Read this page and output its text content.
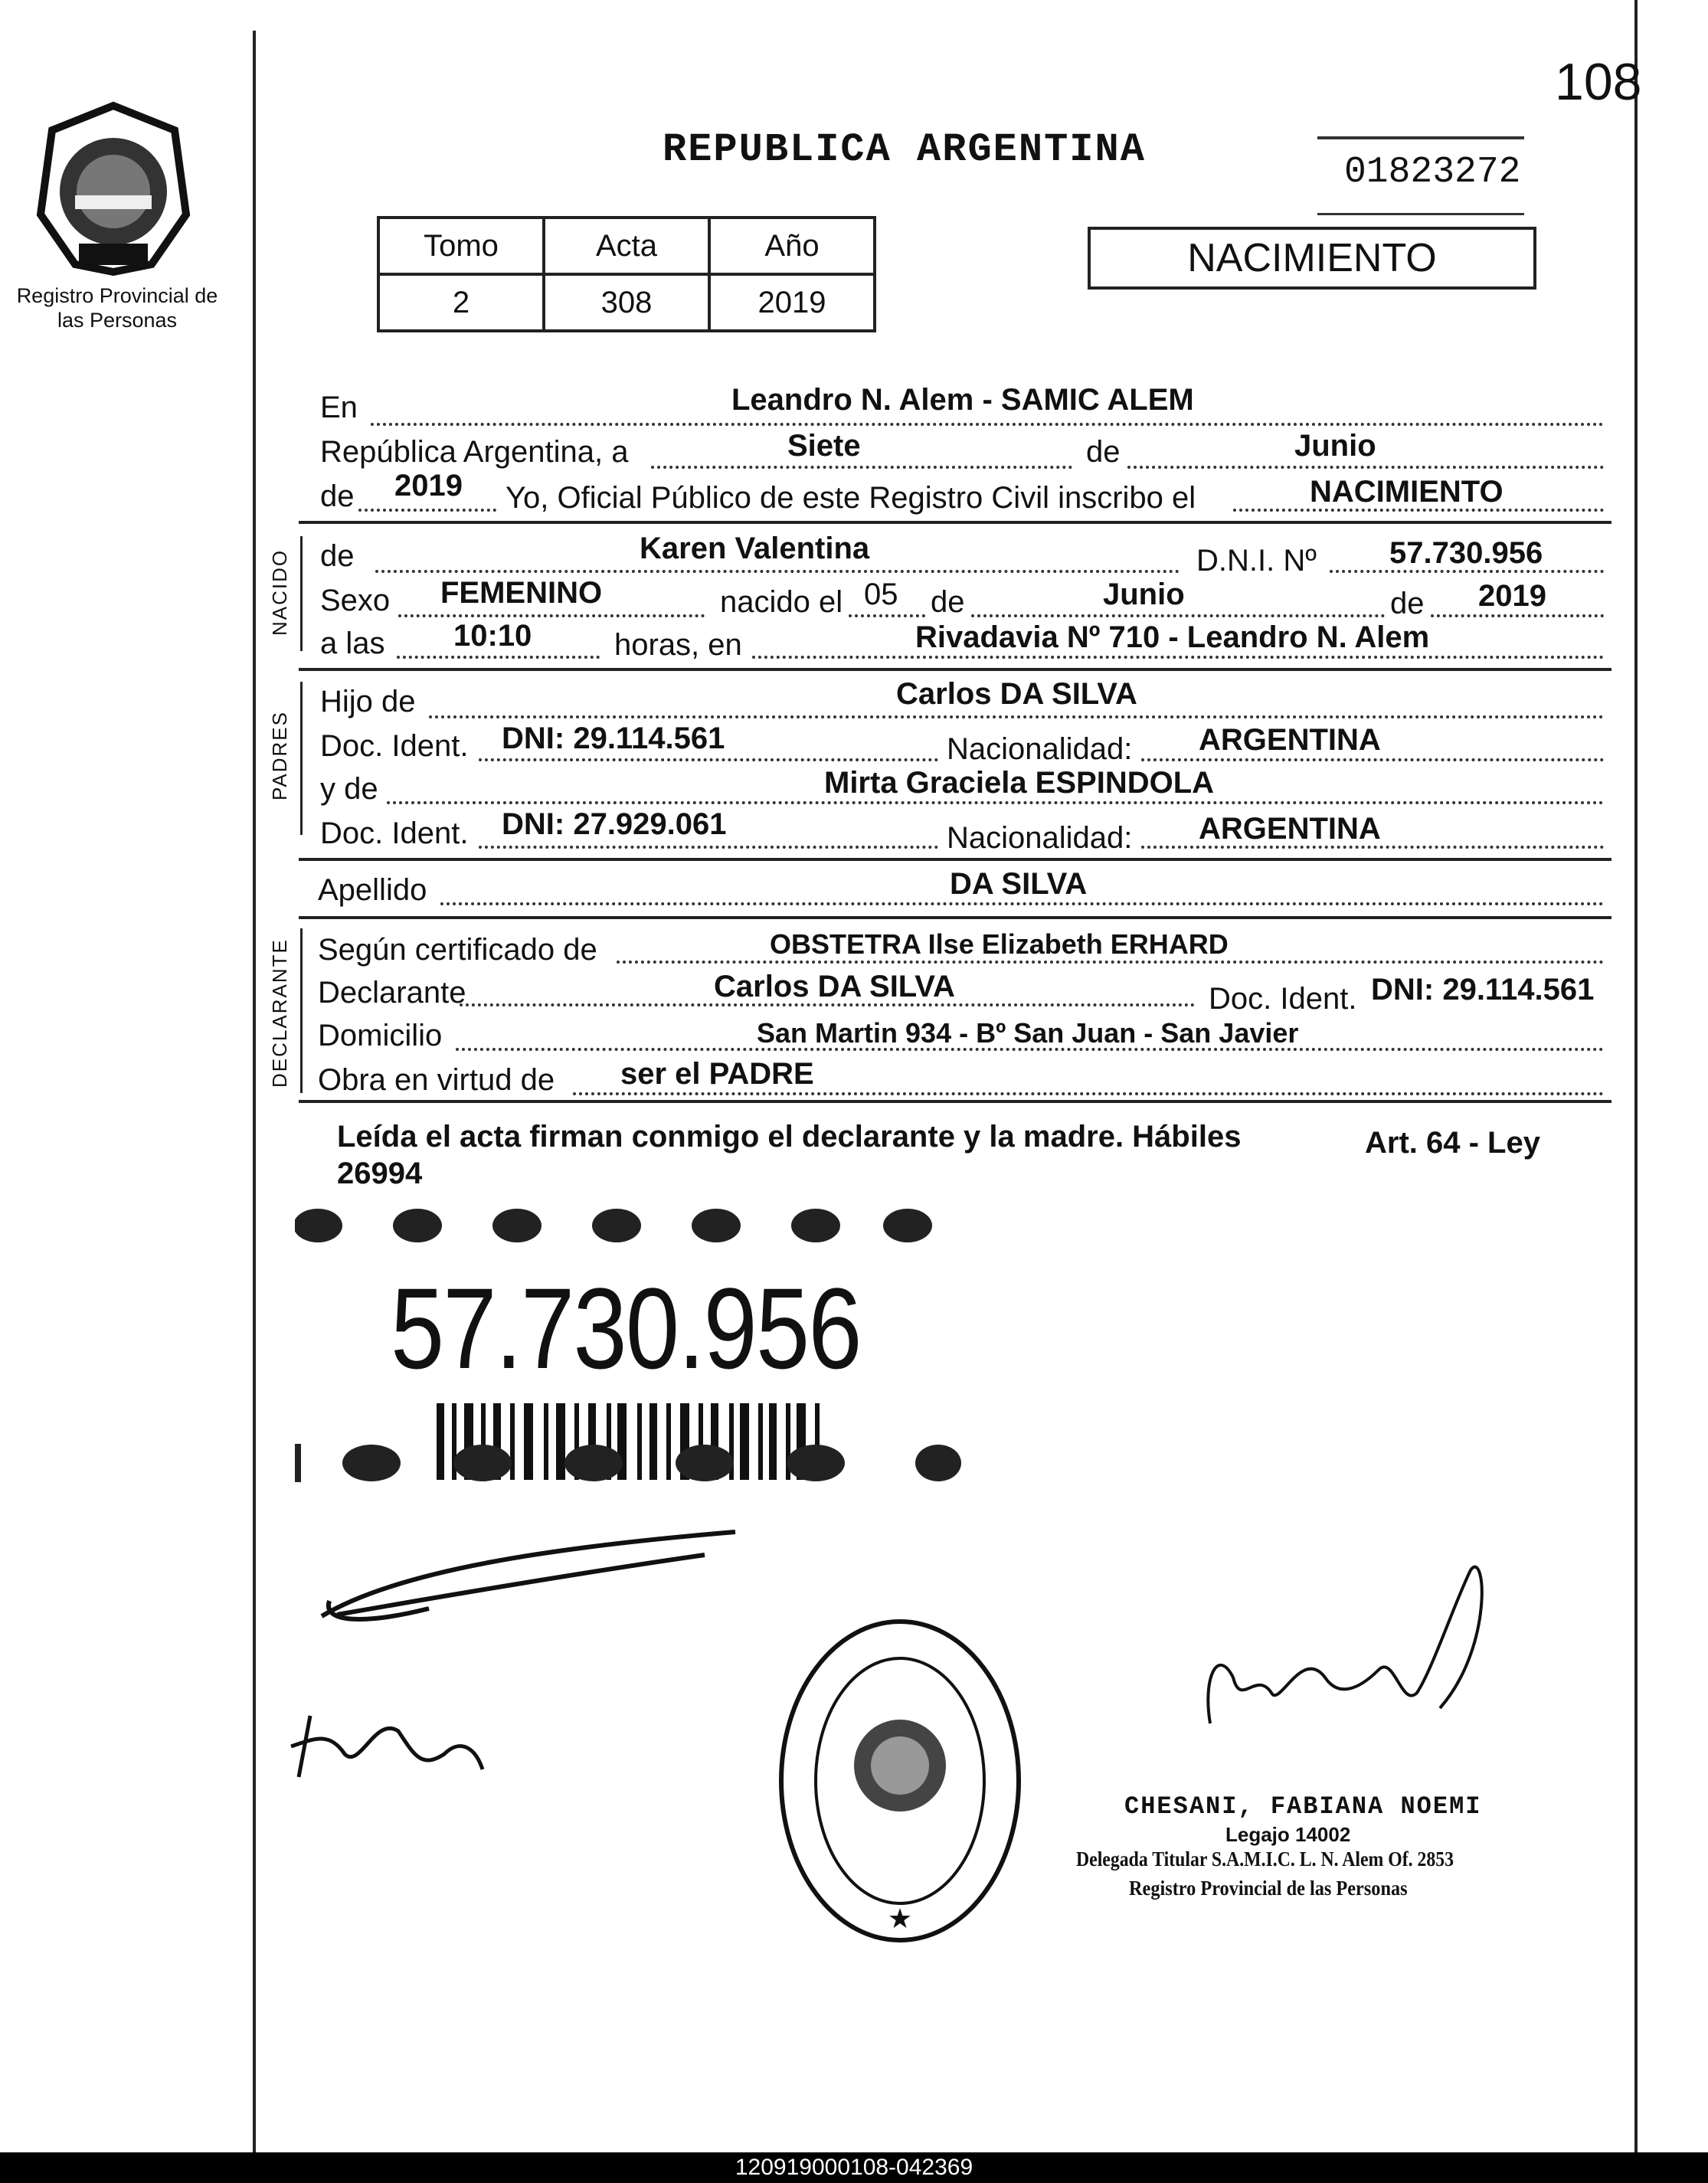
108
Registro Provincial de las Personas
REPUBLICA ARGENTINA	01823272
Tomo	Acta	Año
2	308	2019
NACIMIENTO
En	Leandro N. Alem - SAMIC ALEM
República Argentina, a	Siete	de	Junio
de 2019 Yo, Oficial Público de este Registro Civil inscribo el	NACIMIENTO
NACIDO de	Karen Valentina	D.N.I. Nº 57.730.956
Sexo FEMENINO	nacido el 05 de	Junio	de 2019
a las 10:10	horas, en	Rivadavia Nº 710 - Leandro N. Alem
PADRES
Hijo de	Carlos DA SILVA
Doc. Ident. DNI: 29.114.561	Nacionalidad: ARGENTINA
y de	Mirta Graciela ESPINDOLA
Doc. Ident. DNI: 27.929.061	Nacionalidad: ARGENTINA
Apellido	DA SILVA
DECLARANTE Según certificado de	OBSTETRA Ilse Elizabeth ERHARD
Declarante	Carlos DA SILVA	Doc. Ident. DNI: 29.114.561
Domicilio	San Martin 934 - Bº San Juan - San Javier
Obra en virtud de ser el PADRE
Leída el acta firman conmigo el declarante y la madre. Hábiles	Art. 64 - Ley
26994
57.730.956
★
CHESANI, FABIANA NOEMI
Legajo 14002
Delegada Titular S.A.M.I.C. L. N. Alem Of. 2853
Registro Provincial de las Personas
120919000108-042369
